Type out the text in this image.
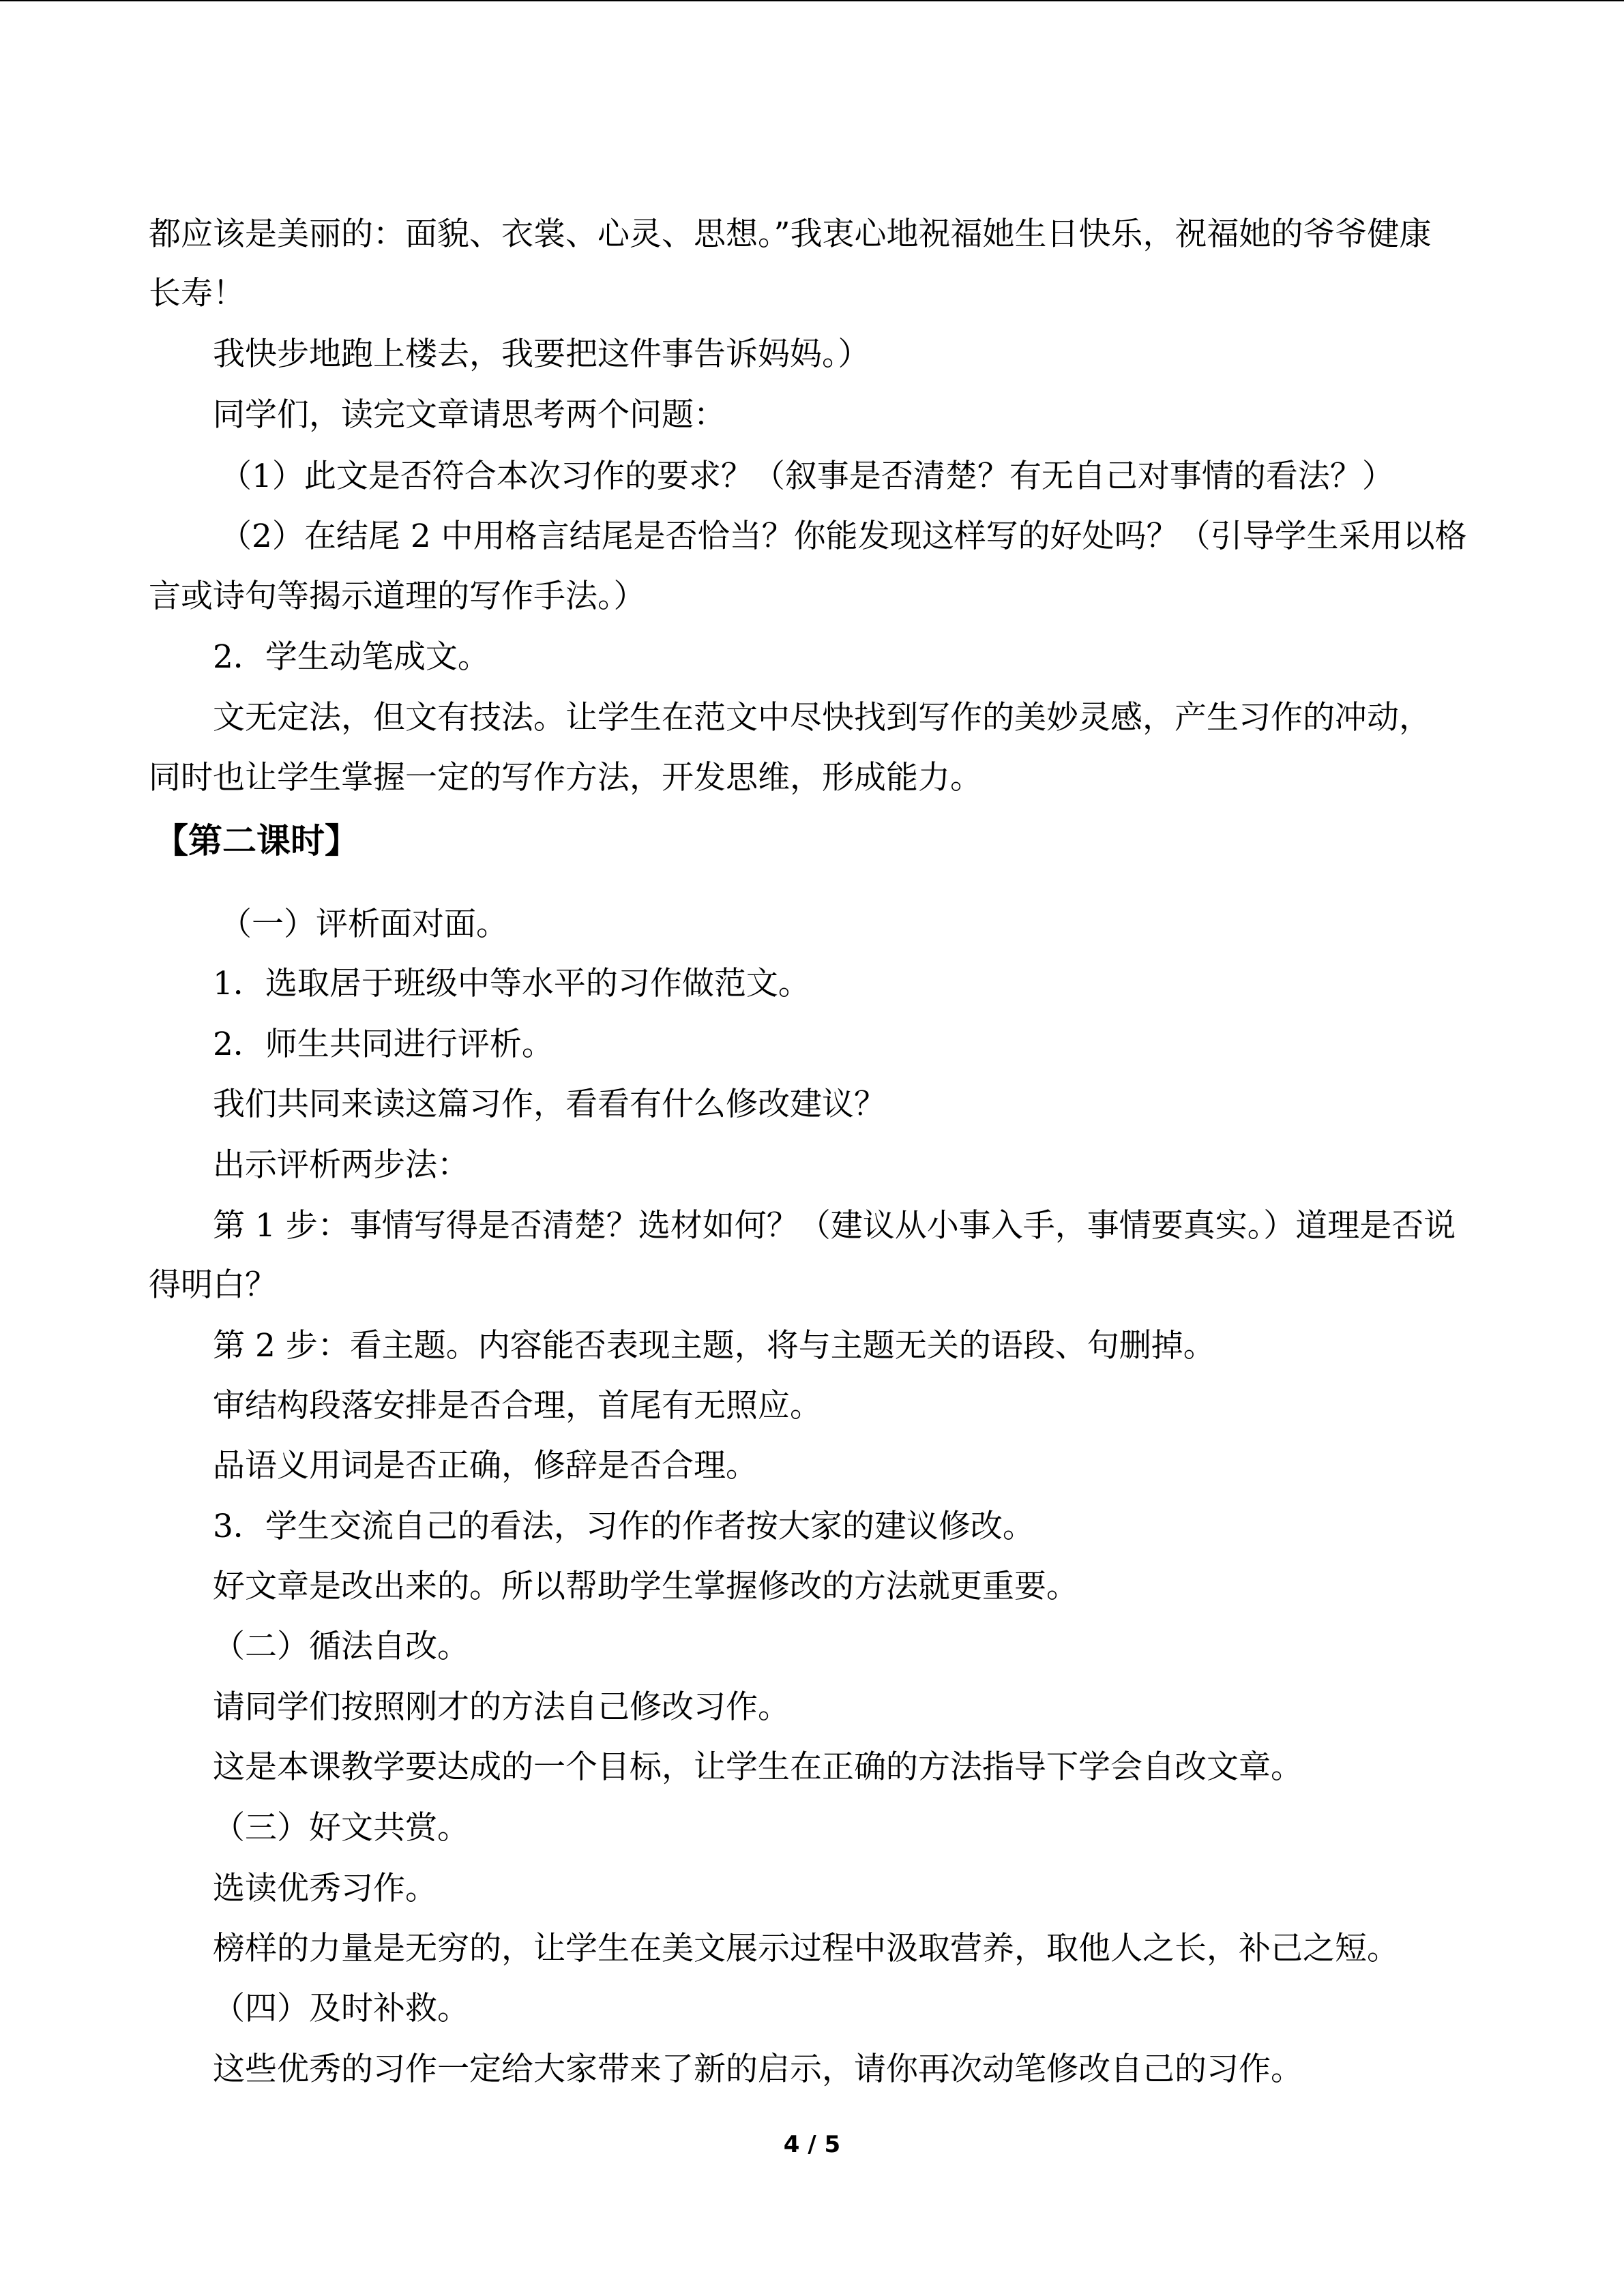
都应该是美丽的：面貌、衣裳、心灵、思想。”我衷心地祝福她生日快乐，祝福她的爷爷健康
长寿！
我快步地跑上楼去，我要把这件事告诉妈妈。）
同学们，读完文章请思考两个问题：
（1）此文是否符合本次习作的要求？（叙事是否清楚？有无自己对事情的看法？）
（2）在结尾 2 中用格言结尾是否恰当？你能发现这样写的好处吗？（引导学生采用以格
言或诗句等揭示道理的写作手法。）
2．学生动笔成文。
文无定法，但文有技法。让学生在范文中尽快找到写作的美妙灵感，产生习作的冲动，
同时也让学生掌握一定的写作方法，开发思维，形成能力。
【第二课时】
（一）评析面对面。
1．选取居于班级中等水平的习作做范文。
2．师生共同进行评析。
我们共同来读这篇习作，看看有什么修改建议？
出示评析两步法：
第 1 步：事情写得是否清楚？选材如何？（建议从小事入手，事情要真实。）道理是否说
得明白？
第 2 步：看主题。内容能否表现主题，将与主题无关的语段、句删掉。
审结构段落安排是否合理，首尾有无照应。
品语义用词是否正确，修辞是否合理。
3．学生交流自己的看法，习作的作者按大家的建议修改。
好文章是改出来的。所以帮助学生掌握修改的方法就更重要。
（二）循法自改。
请同学们按照刚才的方法自己修改习作。
这是本课教学要达成的一个目标，让学生在正确的方法指导下学会自改文章。
（三）好文共赏。
选读优秀习作。
榜样的力量是无穷的，让学生在美文展示过程中汲取营养，取他人之长，补己之短。
（四）及时补救。
这些优秀的习作一定给大家带来了新的启示，请你再次动笔修改自己的习作。
4 / 5
